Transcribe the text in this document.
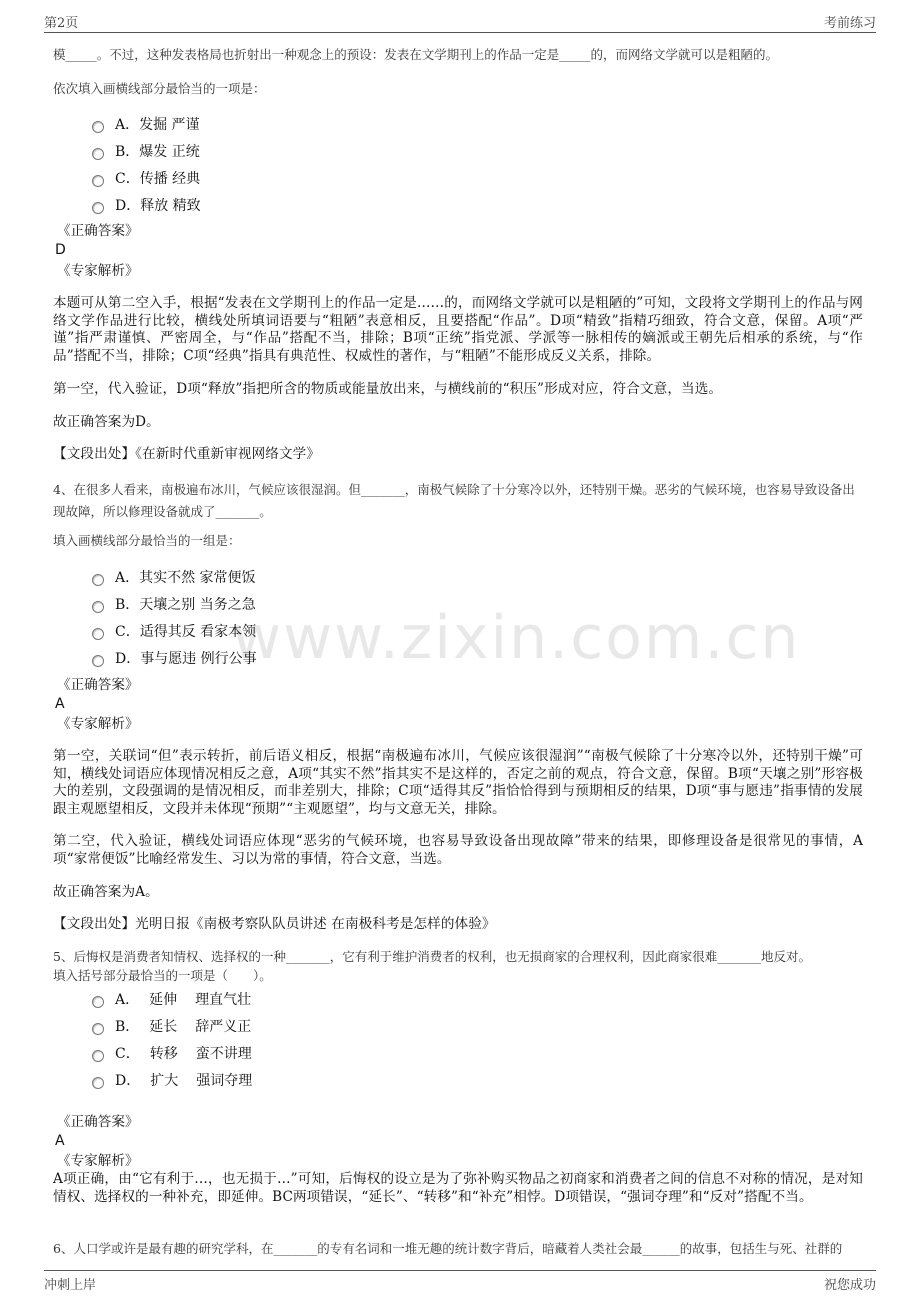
第2页	考前练习
www.zixin.com.cn
模_____。不过，这种发表格局也折射出一种观念上的预设：发表在文学期刊上的作品一定是_____的，而网络文学就可以是粗陋的。
依次填入画横线部分最恰当的一项是：
A．发掘 严谨
B．爆发 正统
C．传播 经典
D．释放 精致
《正确答案》
D
《专家解析》
本题可从第二空入手，根据“发表在文学期刊上的作品一定是……的，而网络文学就可以是粗陋的”可知，文段将文学期刊上的作品与网络文学作品进行比较，横线处所填词语要与“粗陋”表意相反，且要搭配“作品”。D项“精致”指精巧细致，符合文意，保留。A项“严谨”指严肃谨慎、严密周全，与“作品”搭配不当，排除；B项“正统”指党派、学派等一脉相传的嫡派或王朝先后相承的系统，与“作品”搭配不当，排除；C项“经典”指具有典范性、权威性的著作，与“粗陋”不能形成反义关系，排除。
第一空，代入验证，D项“释放”指把所含的物质或能量放出来，与横线前的“积压”形成对应，符合文意，当选。
故正确答案为D。
【文段出处】《在新时代重新审视网络文学》
4、在很多人看来，南极遍布冰川，气候应该很湿润。但_______，南极气候除了十分寒冷以外，还特别干燥。恶劣的气候环境，也容易导致设备出现故障，所以修理设备就成了_______。
填入画横线部分最恰当的一组是：
A．其实不然 家常便饭
B．天壤之别 当务之急
C．适得其反 看家本领
D．事与愿违 例行公事
《正确答案》
A
《专家解析》
第一空，关联词“但”表示转折，前后语义相反，根据“南极遍布冰川，气候应该很湿润”“南极气候除了十分寒冷以外，还特别干燥”可知，横线处词语应体现情况相反之意，A项“其实不然”指其实不是这样的，否定之前的观点，符合文意，保留。B项“天壤之别”形容极大的差别，文段强调的是情况相反，而非差别大，排除；C项“适得其反”指恰恰得到与预期相反的结果，D项“事与愿违”指事情的发展跟主观愿望相反，文段并未体现“预期”“主观愿望”，均与文意无关，排除。
第二空，代入验证，横线处词语应体现“恶劣的气候环境，也容易导致设备出现故障”带来的结果，即修理设备是很常见的事情，A项“家常便饭”比喻经常发生、习以为常的事情，符合文意，当选。
故正确答案为A。
【文段出处】光明日报《南极考察队队员讲述 在南极科考是怎样的体验》
5、后悔权是消费者知情权、选择权的一种_______，它有利于维护消费者的权利，也无损商家的合理权利，因此商家很难_______地反对。
填入括号部分最恰当的一项是（　　）。
A． 延伸 理直气壮
B． 延长 辞严义正
C． 转移 蛮不讲理
D． 扩大 强词夺理
《正确答案》
A
《专家解析》
A项正确，由“它有利于…，也无损于…”可知，后悔权的设立是为了弥补购买物品之初商家和消费者之间的信息不对称的情况，是对知情权、选择权的一种补充，即延伸。BC两项错误，“延长”、“转移”和“补充”相悖。D项错误，“强词夺理”和“反对”搭配不当。
6、人口学或许是最有趣的研究学科，在_______的专有名词和一堆无趣的统计数字背后，暗藏着人类社会最______的故事，包括生与死、社群的
冲刺上岸	祝您成功
